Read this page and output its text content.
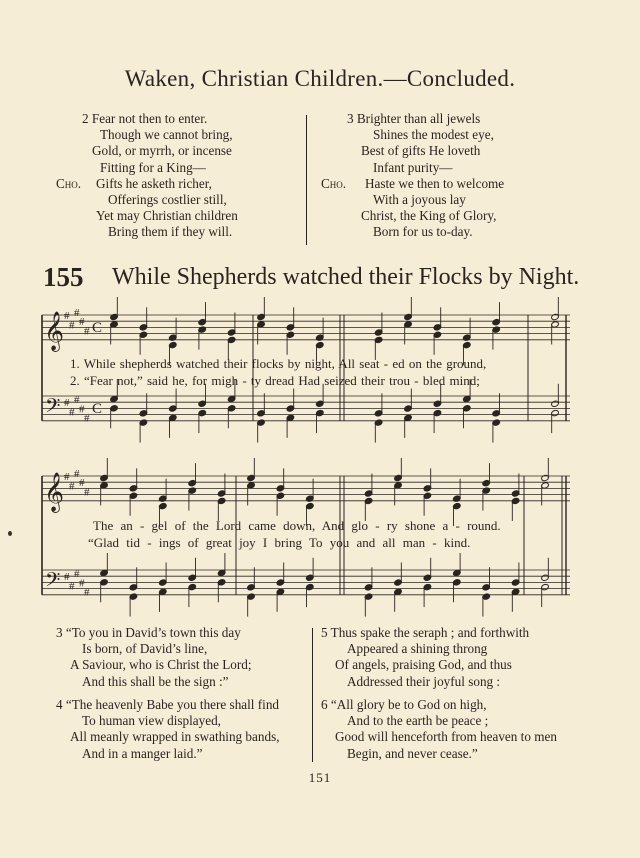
Waken, Christian Children.—Concluded.
2 Fear not then to enter.
Though we cannot bring,
Gold, or myrrh, or incense
Fitting for a King—
Cho. Gifts he asketh richer,
Offerings costlier still,
Yet may Christian children
Bring them if they will.
3 Brighter than all jewels
Shines the modest eye,
Best of gifts He loveth
Infant purity—
Cho. Haste we then to welcome
With a joyous lay
Christ, the King of Glory,
Born for us to-day.
155 While Shepherds watched their Flocks by Night.
𝄞
𝄢
#
#
#
#
#
#
#
#
#
#
C
C
𝄞
𝄢
#
#
#
#
#
#
#
#
#
#
1. While shepherds watched their flocks by night, All seat - ed on the ground,
2. “Fear not,” said he, for migh - ty dread Had seized their trou - bled mind;
The an - gel of the Lord came down, And glo - ry shone a - round.
“Glad tid - ings of great joy I bring To you and all man - kind.
3 “To you in David’s town this day
Is born, of David’s line,
A Saviour, who is Christ the Lord;
And this shall be the sign :”
4 “The heavenly Babe you there shall find
To human view displayed,
All meanly wrapped in swathing bands,
And in a manger laid.”
5 Thus spake the seraph ; and forthwith
Appeared a shining throng
Of angels, praising God, and thus
Addressed their joyful song :
6 “All glory be to God on high,
And to the earth be peace ;
Good will henceforth from heaven to men
Begin, and never cease.”
151
